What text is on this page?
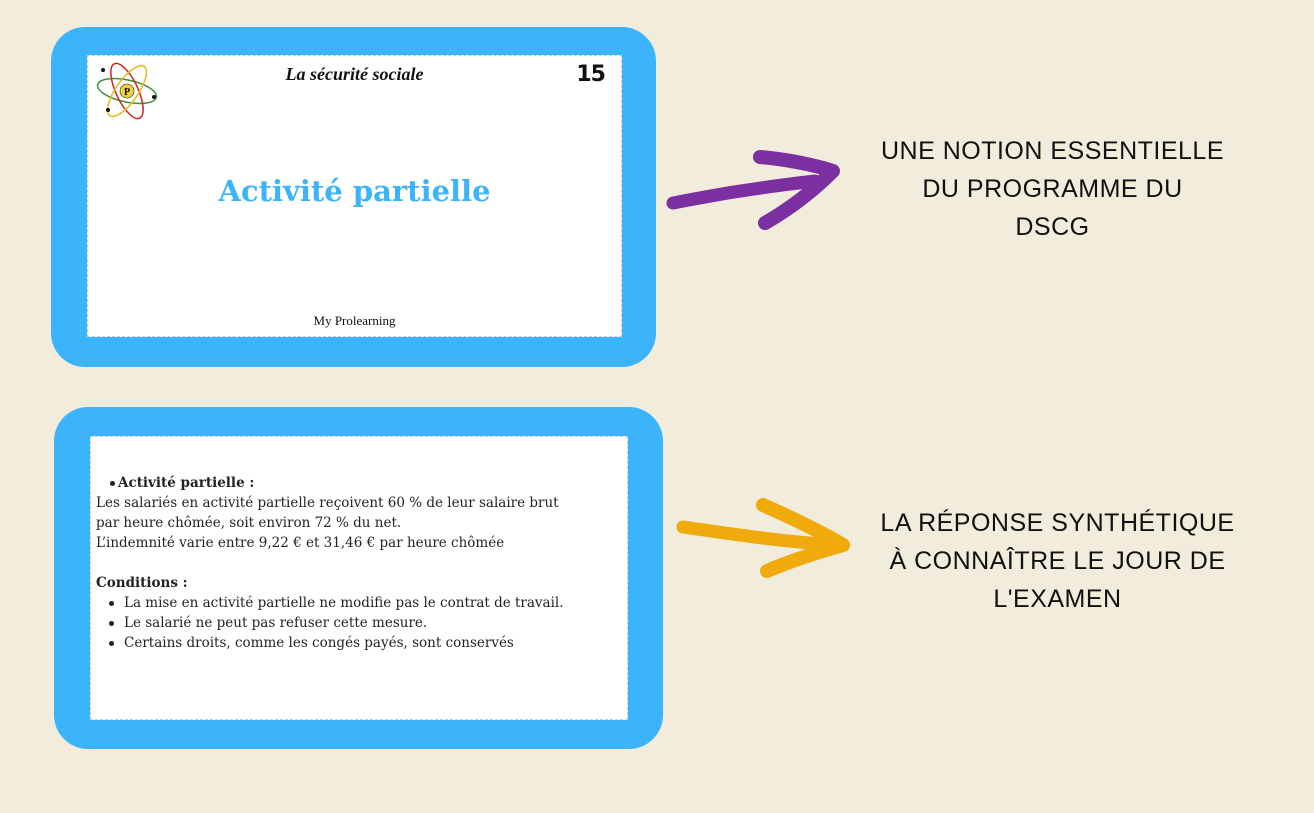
P
La sécurité sociale	15
Activité partielle
My Prolearning
Activité partielle :
Les salariés en activité partielle reçoivent 60 % de leur salaire brut
par heure chômée, soit environ 72 % du net.
L’indemnité varie entre 9,22 € et 31,46 € par heure chômée
Conditions :
La mise en activité partielle ne modifie pas le contrat de travail.
Le salarié ne peut pas refuser cette mesure.
Certains droits, comme les congés payés, sont conservés
UNE NOTION ESSENTIELLE
DU PROGRAMME DU
DSCG
LA RÉPONSE SYNTHÉTIQUE
À CONNAÎTRE LE JOUR DE
L'EXAMEN
